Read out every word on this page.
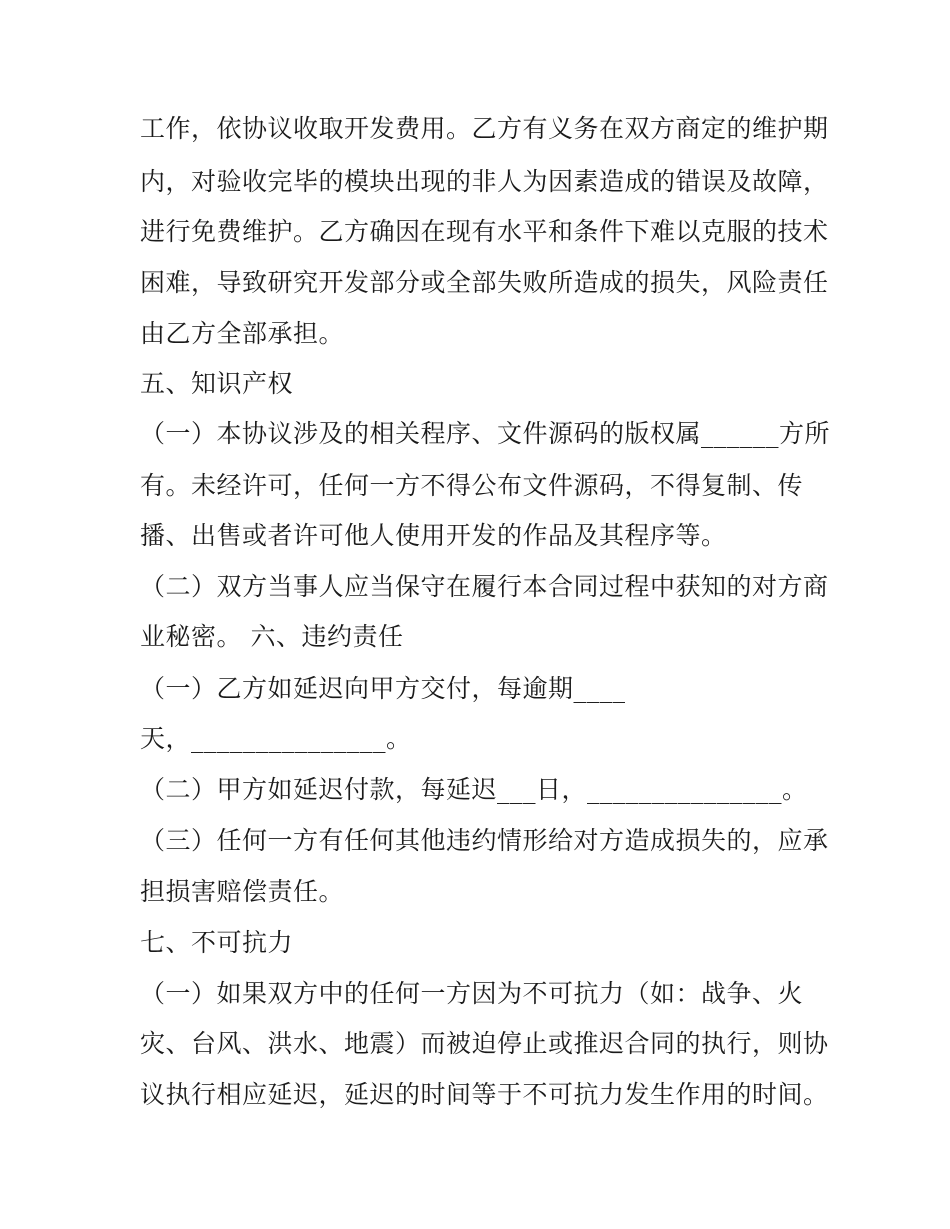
工作，依协议收取开发费用。乙方有义务在双方商定的维护期
内，对验收完毕的模块出现的非人为因素造成的错误及故障，
进行免费维护。乙方确因在现有水平和条件下难以克服的技术
困难，导致研究开发部分或全部失败所造成的损失，风险责任
由乙方全部承担。
五、知识产权
（一）本协议涉及的相关程序、文件源码的版权属______方所
有。未经许可，任何一方不得公布文件源码，不得复制、传
播、出售或者许可他人使用开发的作品及其程序等。
（二）双方当事人应当保守在履行本合同过程中获知的对方商
业秘密。 六、违约责任
（一）乙方如延迟向甲方交付，每逾期____
天，_______________。
（二）甲方如延迟付款，每延迟___日，_______________。
（三）任何一方有任何其他违约情形给对方造成损失的，应承
担损害赔偿责任。
七、不可抗力
（一）如果双方中的任何一方因为不可抗力（如：战争、火
灾、台风、洪水、地震）而被迫停止或推迟合同的执行，则协
议执行相应延迟，延迟的时间等于不可抗力发生作用的时间。
